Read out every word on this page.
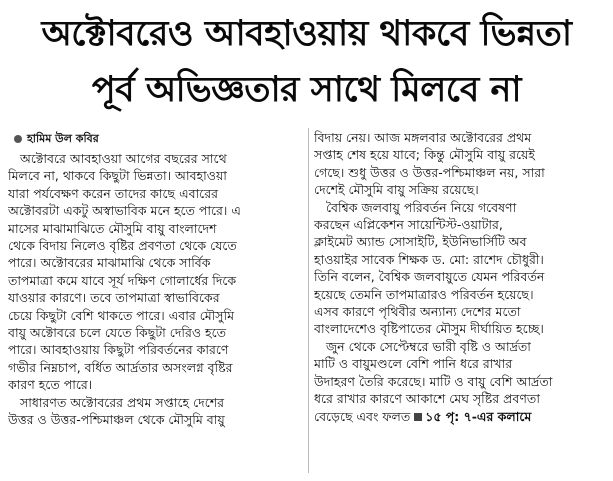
অক্টোবরেও আবহাওয়ায় থাকবে ভিন্নতা
পূর্ব অভিজ্ঞতার সাথে মিলবে না
হামিম উল কবির

অক্টোবরে আবহাওয়া আগের বছরের সাথে

মিলবে না, থাকবে কিছুটা ভিন্নতা। আবহাওয়া

যারা পর্যবেক্ষণ করেন তাদের কাছে এবারের

অক্টোবরটা একটু অস্বাভাবিক মনে হতে পারে। এ

মাসের মাঝামাঝিতে মৌসুমি বায়ু বাংলাদেশ

থেকে বিদায় নিলেও বৃষ্টির প্রবণতা থেকে যেতে

পারে। অক্টোবরের মাঝামাঝি থেকে সার্বিক

তাপমাত্রা কমে যাবে সূর্য দক্ষিণ গোলার্ধের দিকে

যাওয়ার কারণে। তবে তাপমাত্রা স্বাভাবিকের

চেয়ে কিছুটা বেশি থাকতে পারে। এবার মৌসুমি

বায়ু অক্টোবরে চলে যেতে কিছুটা দেরিও হতে

পারে। আবহাওয়ায় কিছুটা পরিবর্তনের কারণে

গভীর নিম্নচাপ, বর্ধিত আর্দ্রতার অসংলগ্ন বৃষ্টির

কারণ হতে পারে।

সাধারণত অক্টোবরের প্রথম সপ্তাহে দেশের

উত্তর ও উত্তর-পশ্চিমাঞ্চল থেকে মৌসুমি বায়ু

বিদায় নেয়। আজ মঙ্গলবার অক্টোবরের প্রথম

সপ্তাহ শেষ হয়ে যাবে; কিন্তু মৌসুমি বায়ু রয়েই

গেছে। শুধু উত্তর ও উত্তর-পশ্চিমাঞ্চল নয়, সারা

দেশেই মৌসুমি বায়ু সক্রিয় রয়েছে।

বৈশ্বিক জলবায়ু পরিবর্তন নিয়ে গবেষণা

করছেন এপ্লিকেশন সায়েন্টিস্ট-ওয়াটার,

ক্লাইমেট অ্যান্ড সোসাইটি, ইউনিভার্সিটি অব

হাওয়াইর সাবেক শিক্ষক ড. মো: রাশেদ চৌধুরী।

তিনি বলেন, বৈশ্বিক জলবায়ুতে যেমন পরিবর্তন

হয়েছে তেমনি তাপমাত্রারও পরিবর্তন হয়েছে।

এসব কারণে পৃথিবীর অন্যান্য দেশের মতো

বাংলাদেশেও বৃষ্টিপাতের মৌসুম দীর্ঘায়িত হচ্ছে।

জুন থেকে সেপ্টেম্বরে ভারী বৃষ্টি ও আর্দ্রতা

মাটি ও বায়ুমণ্ডলে বেশি পানি ধরে রাখার

উদাহরণ তৈরি করেছে। মাটি ও বায়ু বেশি আর্দ্রতা

ধরে রাখার কারণে আকাশে মেঘ সৃষ্টির প্রবণতা

বেড়েছে এবং ফলত ১৫ পৃ: ৭-এর কলামে
